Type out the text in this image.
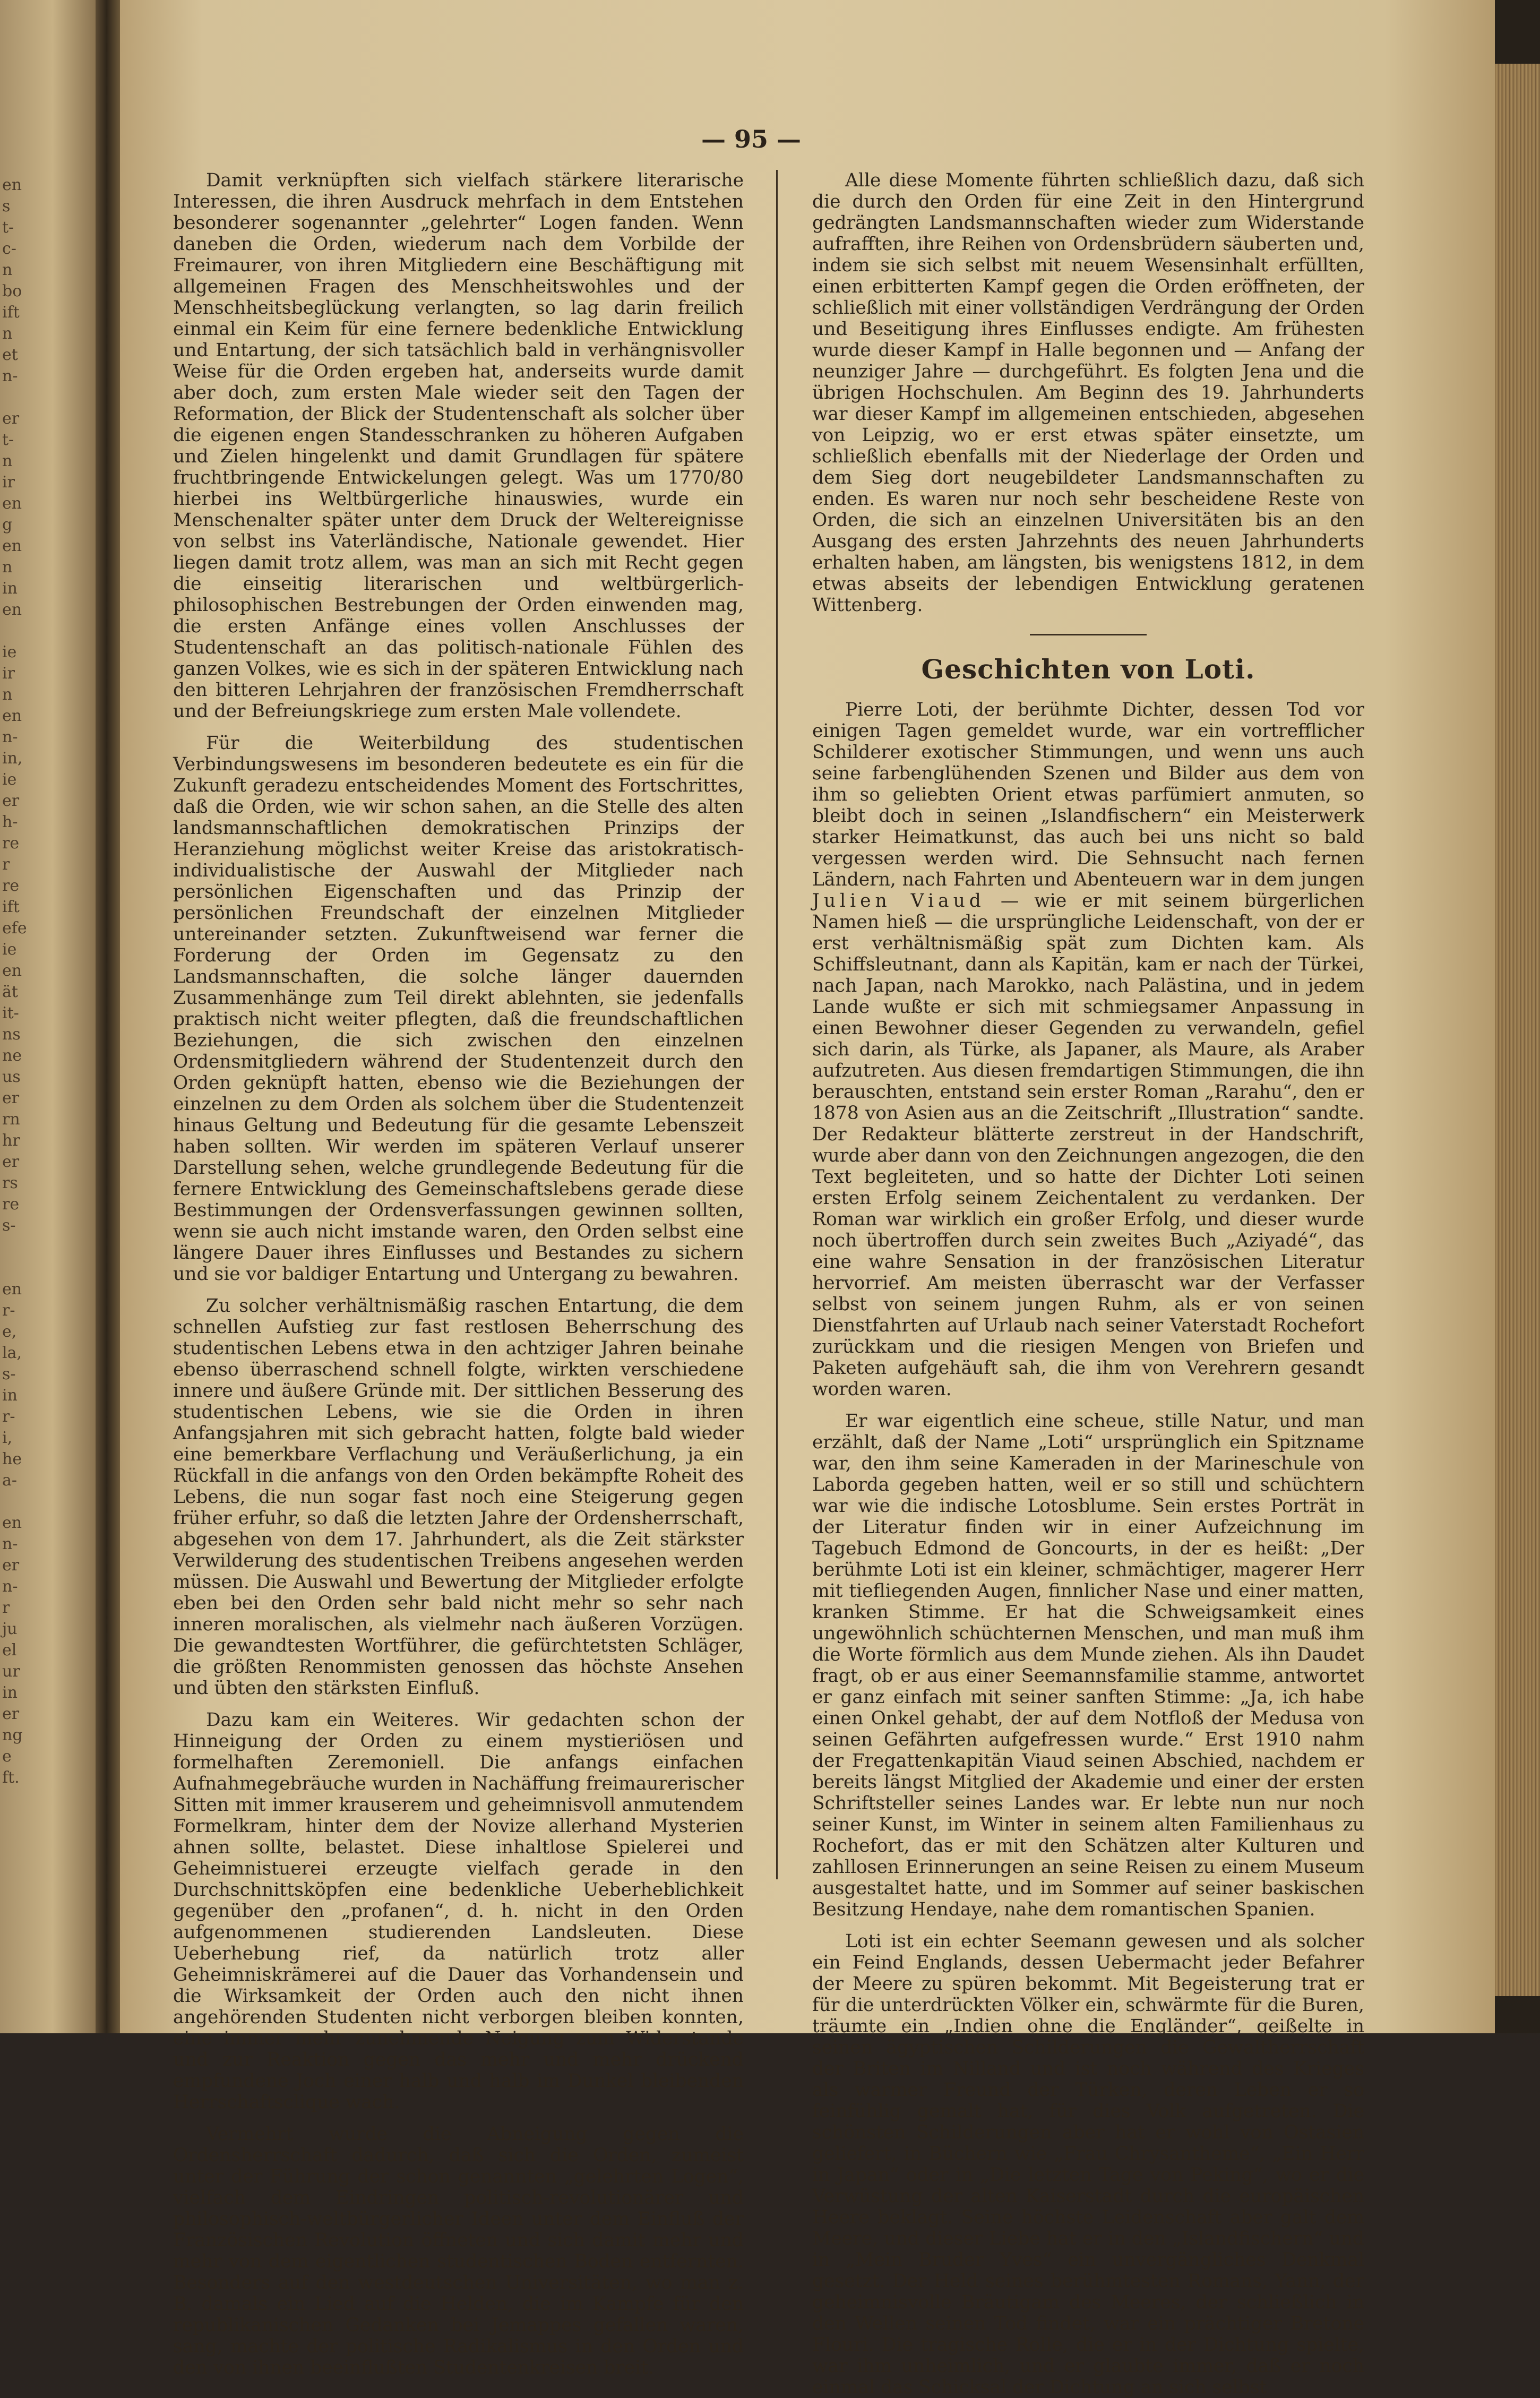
en
s
t-
c-
n
bo
ift
n
et
n-
er
t-
n
ir
en
g
en
n
in
en
ie
ir
n
en
n-
in,
ie
er
h-
re
r
re
ift
efe
ie
en
ät
it-
ns
ne
us
er
rn
hr
er
rs
re
s-
en
r-
e,
la,
s-
in
r-
i,
he
a-
en
n-
er
n-
r
ju
el
ur
in
er
ng
e
ft.
— 95 —

Damit verknüpften sich vielfach stärkere literarische Interessen, die ihren Ausdruck mehrfach in dem Entstehen besonderer sogenannter „gelehrter“ Logen fanden. Wenn daneben die Orden, wiederum nach dem Vorbilde der Freimaurer, von ihren Mitgliedern eine Beschäftigung mit allgemeinen Fragen des Menschheitswohles und der Menschheitsbeglückung verlangten, so lag darin freilich einmal ein Keim für eine fernere bedenkliche Entwicklung und Entartung, der sich tatsächlich bald in verhängnisvoller Weise für die Orden ergeben hat, anderseits wurde damit aber doch, zum ersten Male wieder seit den Tagen der Reformation, der Blick der Studentenschaft als solcher über die eigenen engen Standesschranken zu höheren Aufgaben und Zielen hingelenkt und damit Grundlagen für spätere fruchtbringende Entwickelungen gelegt. Was um 1770/80 hierbei ins Weltbürgerliche hinauswies, wurde ein Menschenalter später unter dem Druck der Weltereignisse von selbst ins Vaterländische, Nationale gewendet. Hier liegen damit trotz allem, was man an sich mit Recht gegen die einseitig literarischen und weltbürgerlich-philosophischen Bestrebungen der Orden einwenden mag, die ersten Anfänge eines vollen Anschlusses der Studentenschaft an das politisch-nationale Fühlen des ganzen Volkes, wie es sich in der späteren Entwicklung nach den bitteren Lehrjahren der französischen Fremdherrschaft und der Befreiungskriege zum ersten Male vollendete.

Für die Weiterbildung des studentischen Verbindungswesens im besonderen bedeutete es ein für die Zukunft geradezu entscheidendes Moment des Fortschrittes, daß die Orden, wie wir schon sahen, an die Stelle des alten landsmannschaftlichen demokratischen Prinzips der Heranziehung möglichst weiter Kreise das aristokratisch-individualistische der Auswahl der Mitglieder nach persönlichen Eigenschaften und das Prinzip der persönlichen Freundschaft der einzelnen Mitglieder untereinander setzten. Zukunftweisend war ferner die Forderung der Orden im Gegensatz zu den Landsmannschaften, die solche länger dauernden Zusammenhänge zum Teil direkt ablehnten, sie jedenfalls praktisch nicht weiter pflegten, daß die freundschaftlichen Beziehungen, die sich zwischen den einzelnen Ordensmitgliedern während der Studentenzeit durch den Orden geknüpft hatten, ebenso wie die Beziehungen der einzelnen zu dem Orden als solchem über die Studentenzeit hinaus Geltung und Bedeutung für die gesamte Lebenszeit haben sollten. Wir werden im späteren Verlauf unserer Darstellung sehen, welche grundlegende Bedeutung für die fernere Entwicklung des Gemeinschaftslebens gerade diese Bestimmungen der Ordensverfassungen gewinnen sollten, wenn sie auch nicht imstande waren, den Orden selbst eine längere Dauer ihres Einflusses und Bestandes zu sichern und sie vor baldiger Entartung und Untergang zu bewahren.

Zu solcher verhältnismäßig raschen Entartung, die dem schnellen Aufstieg zur fast restlosen Beherrschung des studentischen Lebens etwa in den achtziger Jahren beinahe ebenso überraschend schnell folgte, wirkten verschiedene innere und äußere Gründe mit. Der sittlichen Besserung des studentischen Lebens, wie sie die Orden in ihren Anfangsjahren mit sich gebracht hatten, folgte bald wieder eine bemerkbare Verflachung und Veräußerlichung, ja ein Rückfall in die anfangs von den Orden bekämpfte Roheit des Lebens, die nun sogar fast noch eine Steigerung gegen früher erfuhr, so daß die letzten Jahre der Ordensherrschaft, abgesehen von dem 17. Jahrhundert, als die Zeit stärkster Verwilderung des studentischen Treibens angesehen werden müssen. Die Auswahl und Bewertung der Mitglieder erfolgte eben bei den Orden sehr bald nicht mehr so sehr nach inneren moralischen, als vielmehr nach äußeren Vorzügen. Die gewandtesten Wortführer, die gefürchtetsten Schläger, die größten Renommisten genossen das höchste Ansehen und übten den stärksten Einfluß.

Dazu kam ein Weiteres. Wir gedachten schon der Hinneigung der Orden zu einem mystieriösen und formelhaften Zeremoniell. Die anfangs einfachen Aufnahmegebräuche wurden in Nachäffung freimaurerischer Sitten mit immer krauserem und geheimnisvoll anmutendem Formelkram, hinter dem der Novize allerhand Mysterien ahnen sollte, belastet. Diese inhaltlose Spielerei und Geheimnistuerei erzeugte vielfach gerade in den Durchschnittsköpfen eine bedenkliche Ueberheblichkeit gegenüber den „profanen“, d. h. nicht in den Orden aufgenommenen studierenden Landsleuten. Diese Ueberhebung rief, da natürlich trotz aller Geheimniskrämerei auf die Dauer das Vorhandensein und die Wirksamkeit der Orden auch den nicht ihnen angehörenden Studenten nicht verborgen bleiben konnten, eine immer mehr zunehmende Neigung zum Widerstande und zur Reaktion gegen das mehr und mehr drückend empfundene Joch einer halb und halb im Dunkel bleibenden Herrschaftsclique wach.

Vermehrt wurde die Abneigung gegen die Ordensherrschaft dadurch, daß sich die Orden, zumeist unter der Führung der schon genannten „gelehrten Logen“, vielfach dem Eindringen politisch-revolutionärer und philosophisch-weltbürgerlicher Ideen unter dem Einfluß der Französischen Revolution öffneten und sich damit mehr und mehr von dem eigentlichen studentischen Boden entfernten. Besonders auf den westdeutschen Universitäten, wo man z. B. damals ein Lied auf die Helden, die im Kampfe für den republikanischen Gedanken bei Jemappes gefallen waren, sang, machte der politische Radikalismus in den Orden und den von ihnen beeinflußten Studentenkreisen breit.

Alle diese Momente führten schließlich dazu, daß sich die durch den Orden für eine Zeit in den Hintergrund gedrängten Landsmannschaften wieder zum Widerstande aufrafften, ihre Reihen von Ordensbrüdern säuberten und, indem sie sich selbst mit neuem Wesensinhalt erfüllten, einen erbitterten Kampf gegen die Orden eröffneten, der schließlich mit einer vollständigen Verdrängung der Orden und Beseitigung ihres Einflusses endigte. Am frühesten wurde dieser Kampf in Halle begonnen und — Anfang der neunziger Jahre — durchgeführt. Es folgten Jena und die übrigen Hochschulen. Am Beginn des 19. Jahrhunderts war dieser Kampf im allgemeinen entschieden, abgesehen von Leipzig, wo er erst etwas später einsetzte, um schließlich ebenfalls mit der Niederlage der Orden und dem Sieg dort neugebildeter Landsmannschaften zu enden. Es waren nur noch sehr bescheidene Reste von Orden, die sich an einzelnen Universitäten bis an den Ausgang des ersten Jahrzehnts des neuen Jahrhunderts erhalten haben, am längsten, bis wenigstens 1812, in dem etwas abseits der lebendigen Entwicklung geratenen Wittenberg.

Geschichten von Loti.

Pierre Loti, der berühmte Dichter, dessen Tod vor einigen Tagen gemeldet wurde, war ein vortrefflicher Schilderer exotischer Stimmungen, und wenn uns auch seine farbenglühenden Szenen und Bilder aus dem von ihm so geliebten Orient etwas parfümiert anmuten, so bleibt doch in seinen „Islandfischern“ ein Meisterwerk starker Heimatkunst, das auch bei uns nicht so bald vergessen werden wird. Die Sehnsucht nach fernen Ländern, nach Fahrten und Abenteuern war in dem jungen Julien Viaud — wie er mit seinem bürgerlichen Namen hieß — die ursprüngliche Leidenschaft, von der er erst verhältnismäßig spät zum Dichten kam. Als Schiffsleutnant, dann als Kapitän, kam er nach der Türkei, nach Japan, nach Marokko, nach Palästina, und in jedem Lande wußte er sich mit schmiegsamer Anpassung in einen Bewohner dieser Gegenden zu verwandeln, gefiel sich darin, als Türke, als Japaner, als Maure, als Araber aufzutreten. Aus diesen fremdartigen Stimmungen, die ihn berauschten, entstand sein erster Roman „Rarahu“, den er 1878 von Asien aus an die Zeitschrift „Illustration“ sandte. Der Redakteur blätterte zerstreut in der Handschrift, wurde aber dann von den Zeichnungen angezogen, die den Text begleiteten, und so hatte der Dichter Loti seinen ersten Erfolg seinem Zeichentalent zu verdanken. Der Roman war wirklich ein großer Erfolg, und dieser wurde noch übertroffen durch sein zweites Buch „Aziyadé“, das eine wahre Sensation in der französischen Literatur hervorrief. Am meisten überrascht war der Verfasser selbst von seinem jungen Ruhm, als er von seinen Dienstfahrten auf Urlaub nach seiner Vaterstadt Rochefort zurückkam und die riesigen Mengen von Briefen und Paketen aufgehäuft sah, die ihm von Verehrern gesandt worden waren.

Er war eigentlich eine scheue, stille Natur, und man erzählt, daß der Name „Loti“ ursprünglich ein Spitzname war, den ihm seine Kameraden in der Marineschule von Laborda gegeben hatten, weil er so still und schüchtern war wie die indische Lotosblume. Sein erstes Porträt in der Literatur finden wir in einer Aufzeichnung im Tagebuch Edmond de Goncourts, in der es heißt: „Der berühmte Loti ist ein kleiner, schmächtiger, magerer Herr mit tiefliegenden Augen, finnlicher Nase und einer matten, kranken Stimme. Er hat die Schweigsamkeit eines ungewöhnlich schüchternen Menschen, und man muß ihm die Worte förmlich aus dem Munde ziehen. Als ihn Daudet fragt, ob er aus einer Seemannsfamilie stamme, antwortet er ganz einfach mit seiner sanften Stimme: „Ja, ich habe einen Onkel gehabt, der auf dem Notfloß der Medusa von seinen Gefährten aufgefressen wurde.“ Erst 1910 nahm der Fregattenkapitän Viaud seinen Abschied, nachdem er bereits längst Mitglied der Akademie und einer der ersten Schriftsteller seines Landes war. Er lebte nun nur noch seiner Kunst, im Winter in seinem alten Familienhaus zu Rochefort, das er mit den Schätzen alter Kulturen und zahllosen Erinnerungen an seine Reisen zu einem Museum ausgestaltet hatte, und im Sommer auf seiner baskischen Besitzung Hendaye, nahe dem romantischen Spanien.

Loti ist ein echter Seemann gewesen und als solcher ein Feind Englands, dessen Uebermacht jeder Befahrer der Meere zu spüren bekommt. Mit Begeisterung trat er für die unterdrückten Völker ein, schwärmte für die Buren, träumte ein „Indien ohne die Engländer“, geißelte in seinen ägyptischen Schilderungen die Gewaltherrschaft der Briten im Nilland und ist noch während des Krieges als warmer Freund der Türken, deren Leben er so feinfühlig gemalt hat, für dies Volk aufgetreten. Die schönsten Schilderungen aber hat er wohl von Ostasien geliefert, in Büchern wie „Frau Chrysantheme“, „Ein Herr in Japan“ oder in „Die letzten Tage von Peking“, wo er die Verwüstung der alten Kaiserstadt durch die europäischen Heere beklagt. Seine höchste Leidenschaft aber galt dem Meere, und dieser Liebe hat er in den „Islandfischern“ und in „Mein Bruder Yves“ ein unvergängliches Denkmal gesetzt. Der Held seines berühmtesten Romans, Yann, der geheimnisvolle Bräutigam des Meeres, der schließlich in den Wellen seinen Tod findet, war ein prächtiger Bretone Flouri. Die tragische Rolle, die er in der Dichtung spielte, war ihm unheimlich, und er glaubte immer, daß er noch einmal das Schicksal der Dichtung an sich selbst
